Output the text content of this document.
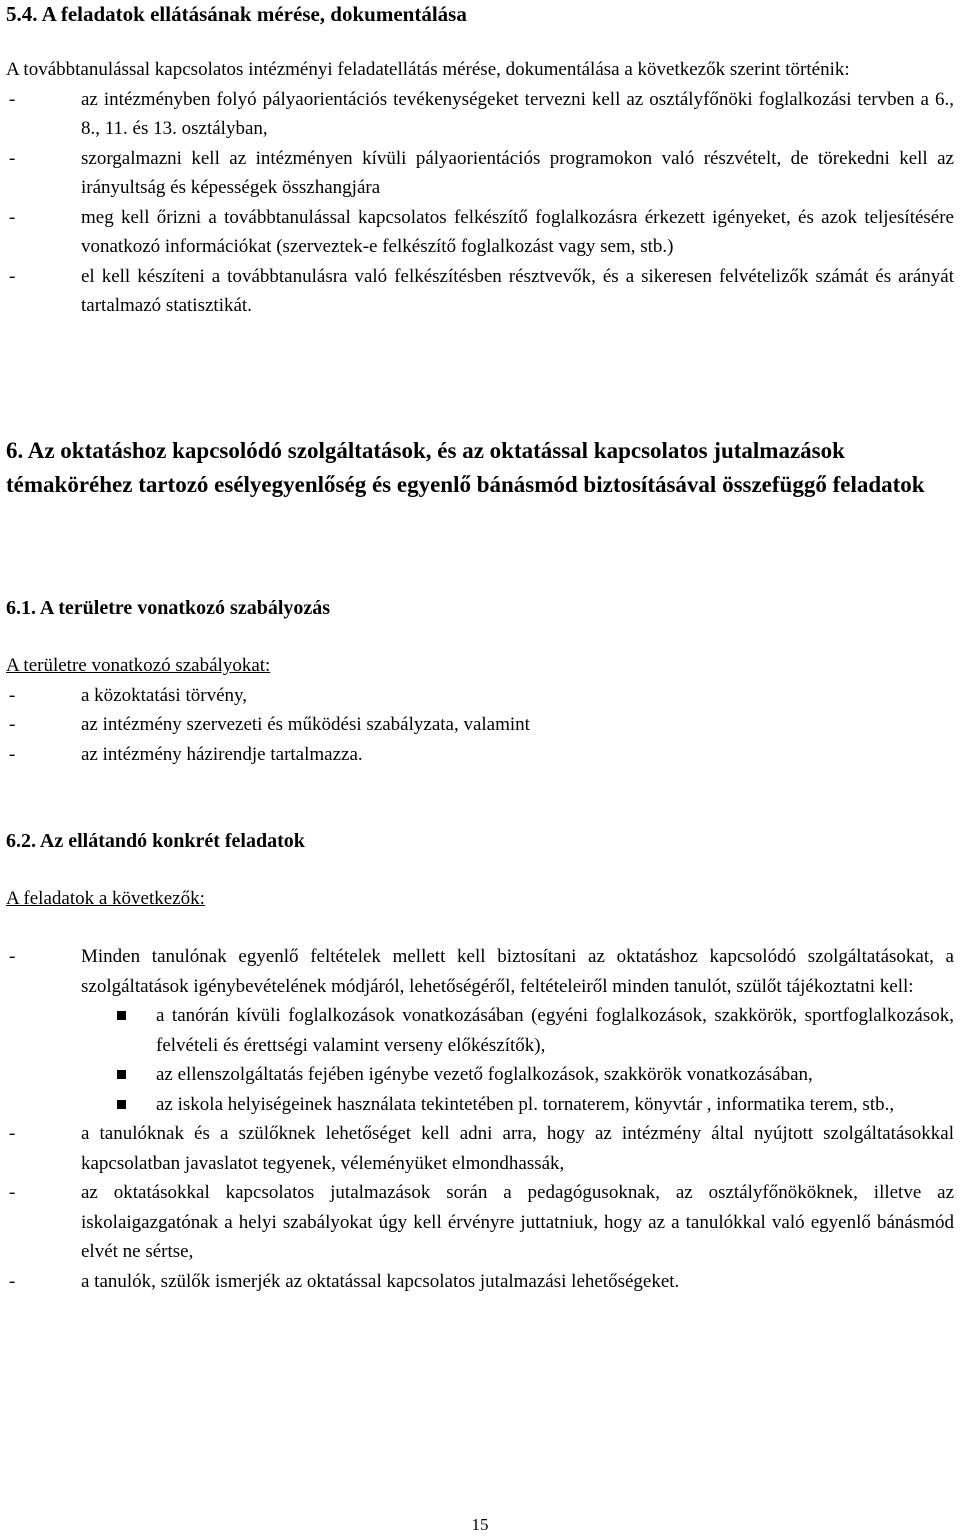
5.4. A feladatok ellátásának mérése, dokumentálása
A továbbtanulással kapcsolatos intézményi feladatellátás mérése, dokumentálása a következők szerint történik:
-	az intézményben folyó pályaorientációs tevékenységeket tervezni kell az osztályfőnöki foglalkozási tervben a 6., 8., 11. és 13. osztályban,
-	szorgalmazni kell az intézményen kívüli pályaorientációs programokon való részvételt, de törekedni kell az irányultság és képességek összhangjára
-	meg kell őrizni a továbbtanulással kapcsolatos felkészítő foglalkozásra érkezett igényeket, és azok teljesítésére vonatkozó információkat (szerveztek-e felkészítő foglalkozást vagy sem, stb.)
-	el kell készíteni a továbbtanulásra való felkészítésben résztvevők, és a sikeresen felvételizők számát és arányát tartalmazó statisztikát.
6. Az oktatáshoz kapcsolódó szolgáltatások, és az oktatással kapcsolatos jutalmazások témaköréhez tartozó esélyegyenlőség és egyenlő bánásmód biztosításával összefüggő feladatok
6.1. A területre vonatkozó szabályozás
A területre vonatkozó szabályokat:
-	a közoktatási törvény,
-	az intézmény szervezeti és működési szabályzata, valamint
-	az intézmény házirendje tartalmazza.
6.2. Az ellátandó konkrét feladatok
A feladatok a következők:
-	Minden tanulónak egyenlő feltételek mellett kell biztosítani az oktatáshoz kapcsolódó szolgáltatásokat, a szolgáltatások igénybevételének módjáról, lehetőségéről, feltételeiről minden tanulót, szülőt tájékoztatni kell:
a tanórán kívüli foglalkozások vonatkozásában (egyéni foglalkozások, szakkörök, sportfoglalkozások, felvételi és érettségi valamint verseny előkészítők),
az ellenszolgáltatás fejében igénybe vezető foglalkozások, szakkörök vonatkozásában,
az iskola helyiségeinek használata tekintetében pl. tornaterem, könyvtár , informatika terem, stb.,
-	a tanulóknak és a szülőknek lehetőséget kell adni arra, hogy az intézmény által nyújtott szolgáltatásokkal kapcsolatban javaslatot tegyenek, véleményüket elmondhassák,
-	az oktatásokkal kapcsolatos jutalmazások során a pedagógusoknak, az osztályfőnököknek, illetve az iskolaigazgatónak a helyi szabályokat úgy kell érvényre juttatniuk, hogy az a tanulókkal való egyenlő bánásmód elvét ne sértse,
-	a tanulók, szülők ismerjék az oktatással kapcsolatos jutalmazási lehetőségeket.
15
